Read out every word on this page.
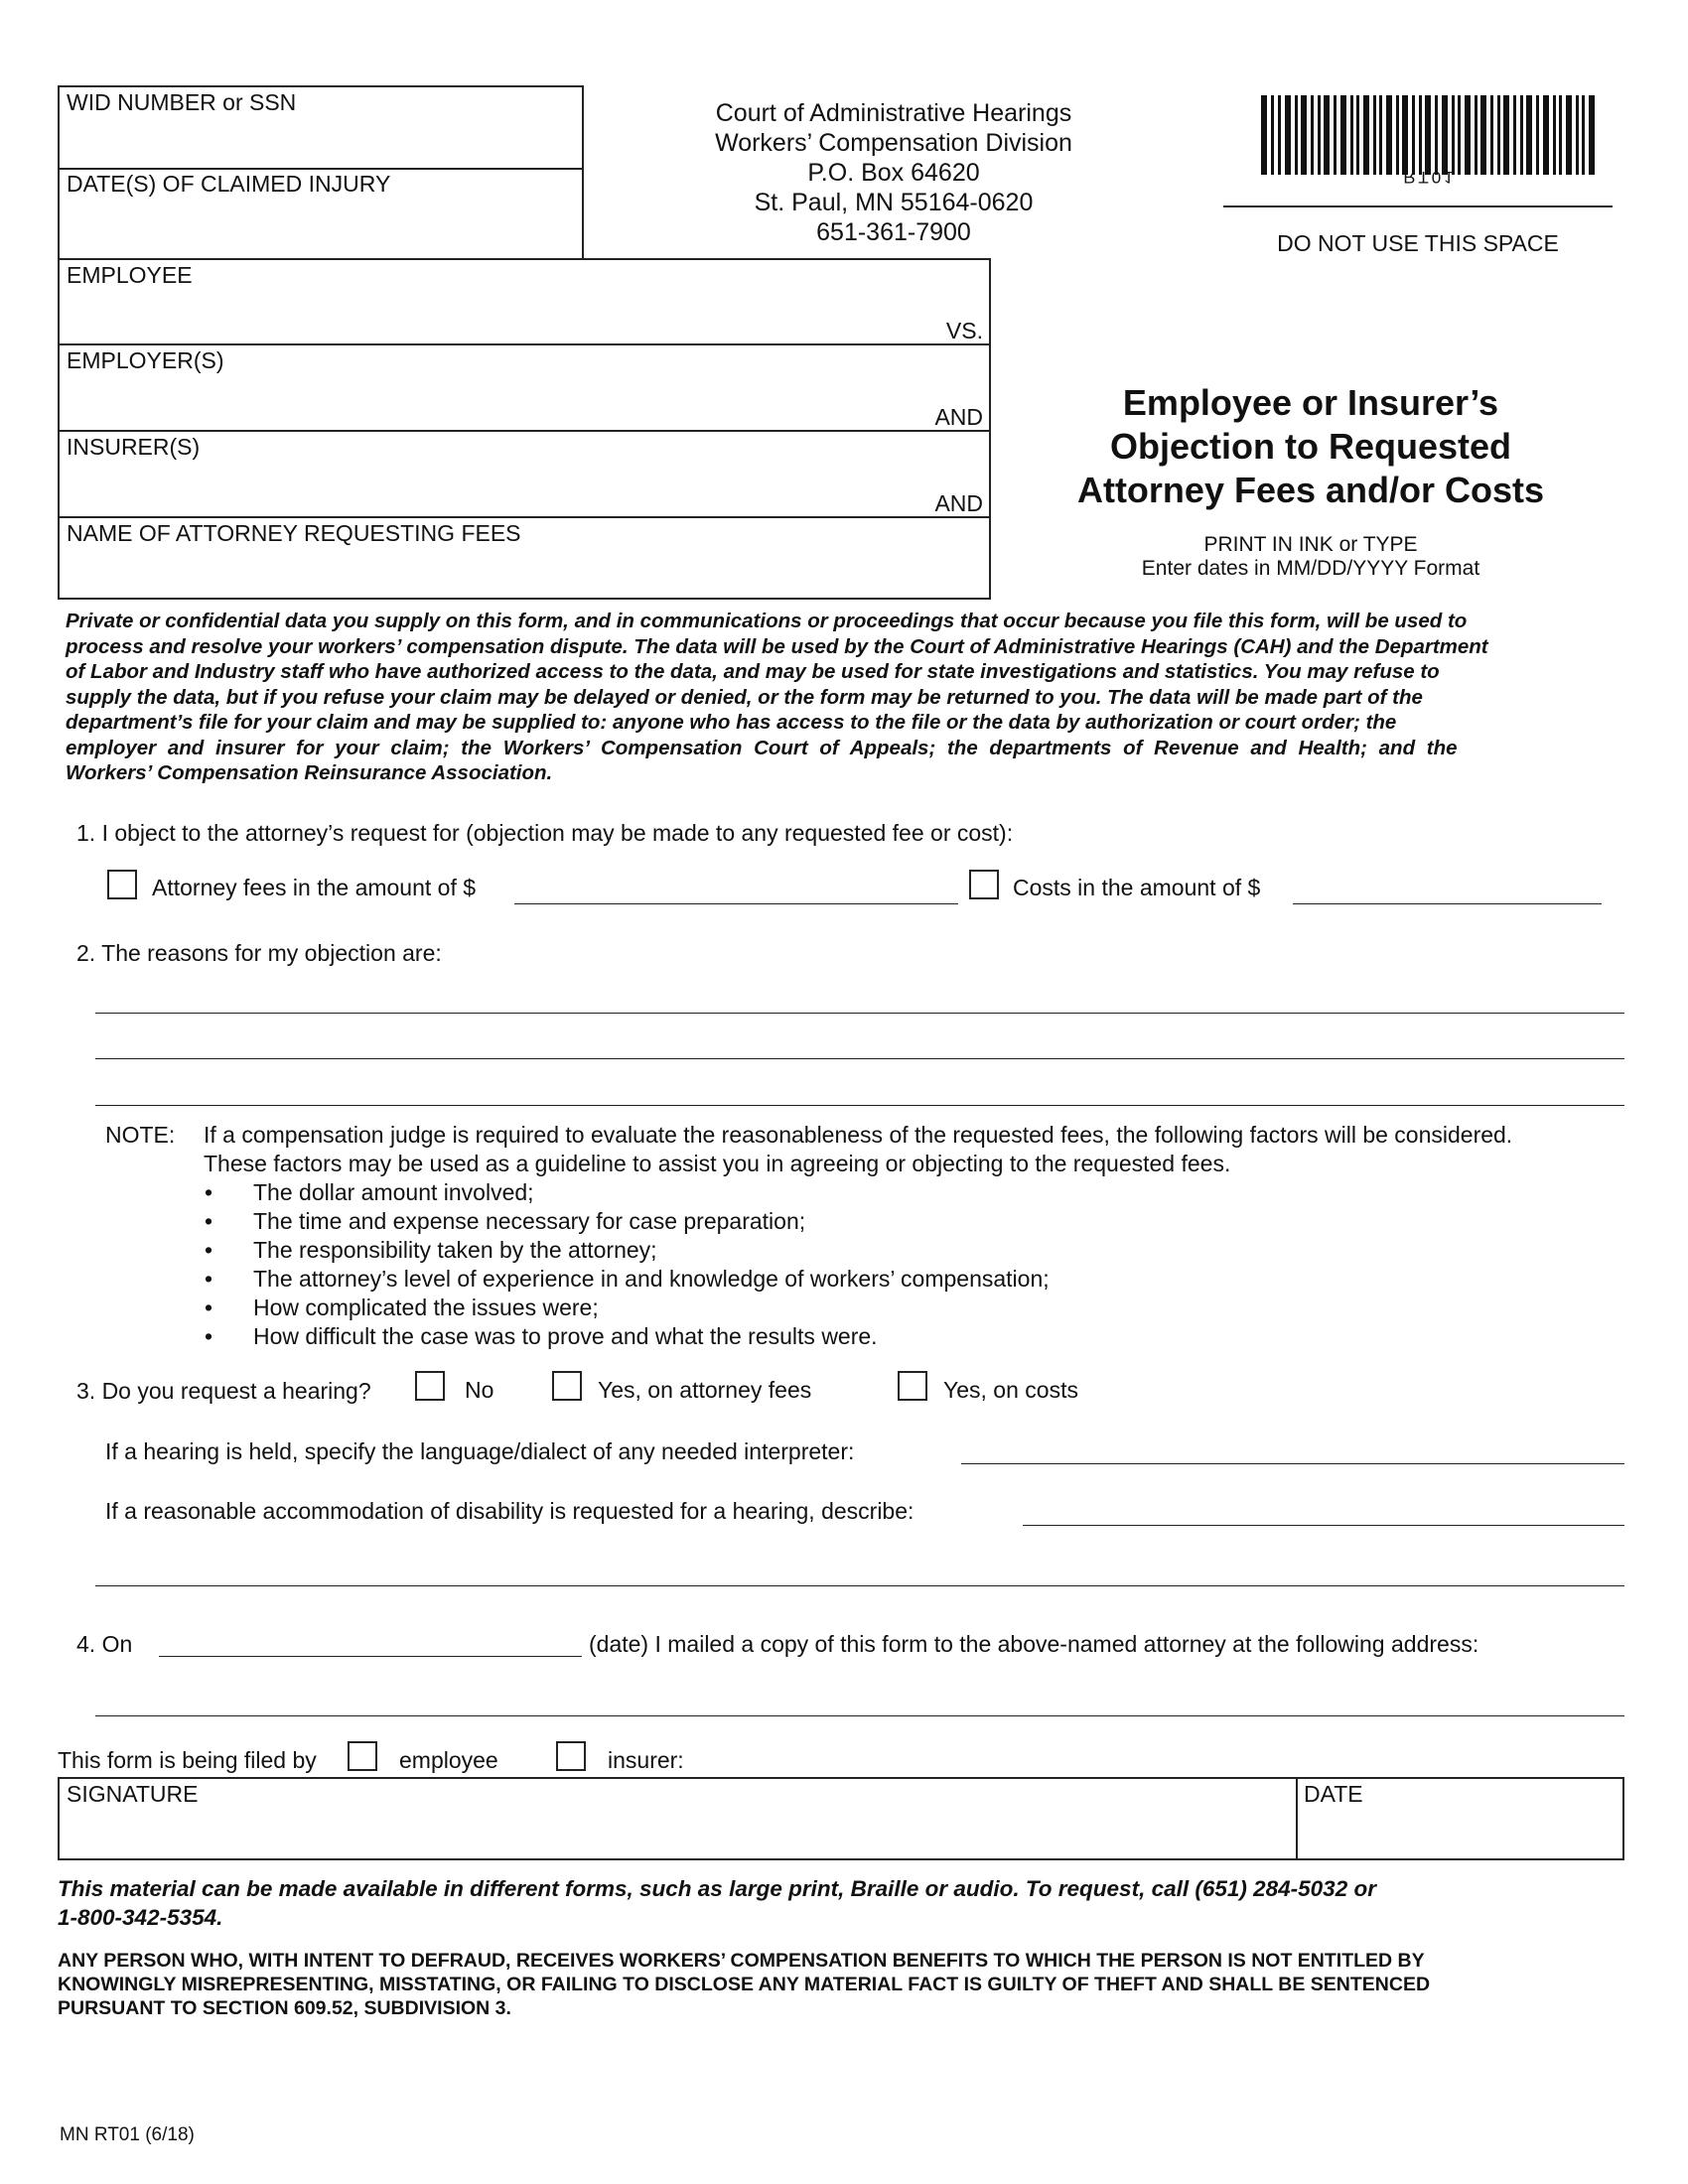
WID NUMBER or SSN
DATE(S) OF CLAIMED INJURY
Court of Administrative Hearings
Workers’ Compensation Division
P.O. Box 64620
St. Paul, MN 55164-0620
651-361-7900
RT01
DO NOT USE THIS SPACE
EMPLOYEE
VS.
EMPLOYER(S)
AND
INSURER(S)
AND
NAME OF ATTORNEY REQUESTING FEES
Employee or Insurer’s
Objection to Requested
Attorney Fees and/or Costs
PRINT IN INK or TYPE
Enter dates in MM/DD/YYYY Format
Private or confidential data you supply on this form, and in communications or proceedings that occur because you file this form, will be used to
process and resolve your workers’ compensation dispute. The data will be used by the Court of Administrative Hearings (CAH) and the Department
of Labor and Industry staff who have authorized access to the data, and may be used for state investigations and statistics. You may refuse to
supply the data, but if you refuse your claim may be delayed or denied, or the form may be returned to you. The data will be made part of the
department’s file for your claim and may be supplied to: anyone who has access to the file or the data by authorization or court order; the
employer and insurer for your claim; the Workers’ Compensation Court of Appeals; the departments of Revenue and Health; and the
Workers’ Compensation Reinsurance Association.
1. I object to the attorney’s request for (objection may be made to any requested fee or cost):
Attorney fees in the amount of $	Costs in the amount of $
2. The reasons for my objection are:
NOTE: If a compensation judge is required to evaluate the reasonableness of the requested fees, the following factors will be considered.
These factors may be used as a guideline to assist you in agreeing or objecting to the requested fees.
• The dollar amount involved;
• The time and expense necessary for case preparation;
• The responsibility taken by the attorney;
• The attorney’s level of experience in and knowledge of workers’ compensation;
• How complicated the issues were;
• How difficult the case was to prove and what the results were.
3. Do you request a hearing?	No	Yes, on attorney fees	Yes, on costs
If a hearing is held, specify the language/dialect of any needed interpreter:
If a reasonable accommodation of disability is requested for a hearing, describe:
4. On	(date) I mailed a copy of this form to the above-named attorney at the following address:
This form is being filed by	employee	insurer:
SIGNATURE	DATE
This material can be made available in different forms, such as large print, Braille or audio. To request, call (651) 284-5032 or
1-800-342-5354.
ANY PERSON WHO, WITH INTENT TO DEFRAUD, RECEIVES WORKERS’ COMPENSATION BENEFITS TO WHICH THE PERSON IS NOT ENTITLED BY
KNOWINGLY MISREPRESENTING, MISSTATING, OR FAILING TO DISCLOSE ANY MATERIAL FACT IS GUILTY OF THEFT AND SHALL BE SENTENCED
PURSUANT TO SECTION 609.52, SUBDIVISION 3.
MN RT01 (6/18)
